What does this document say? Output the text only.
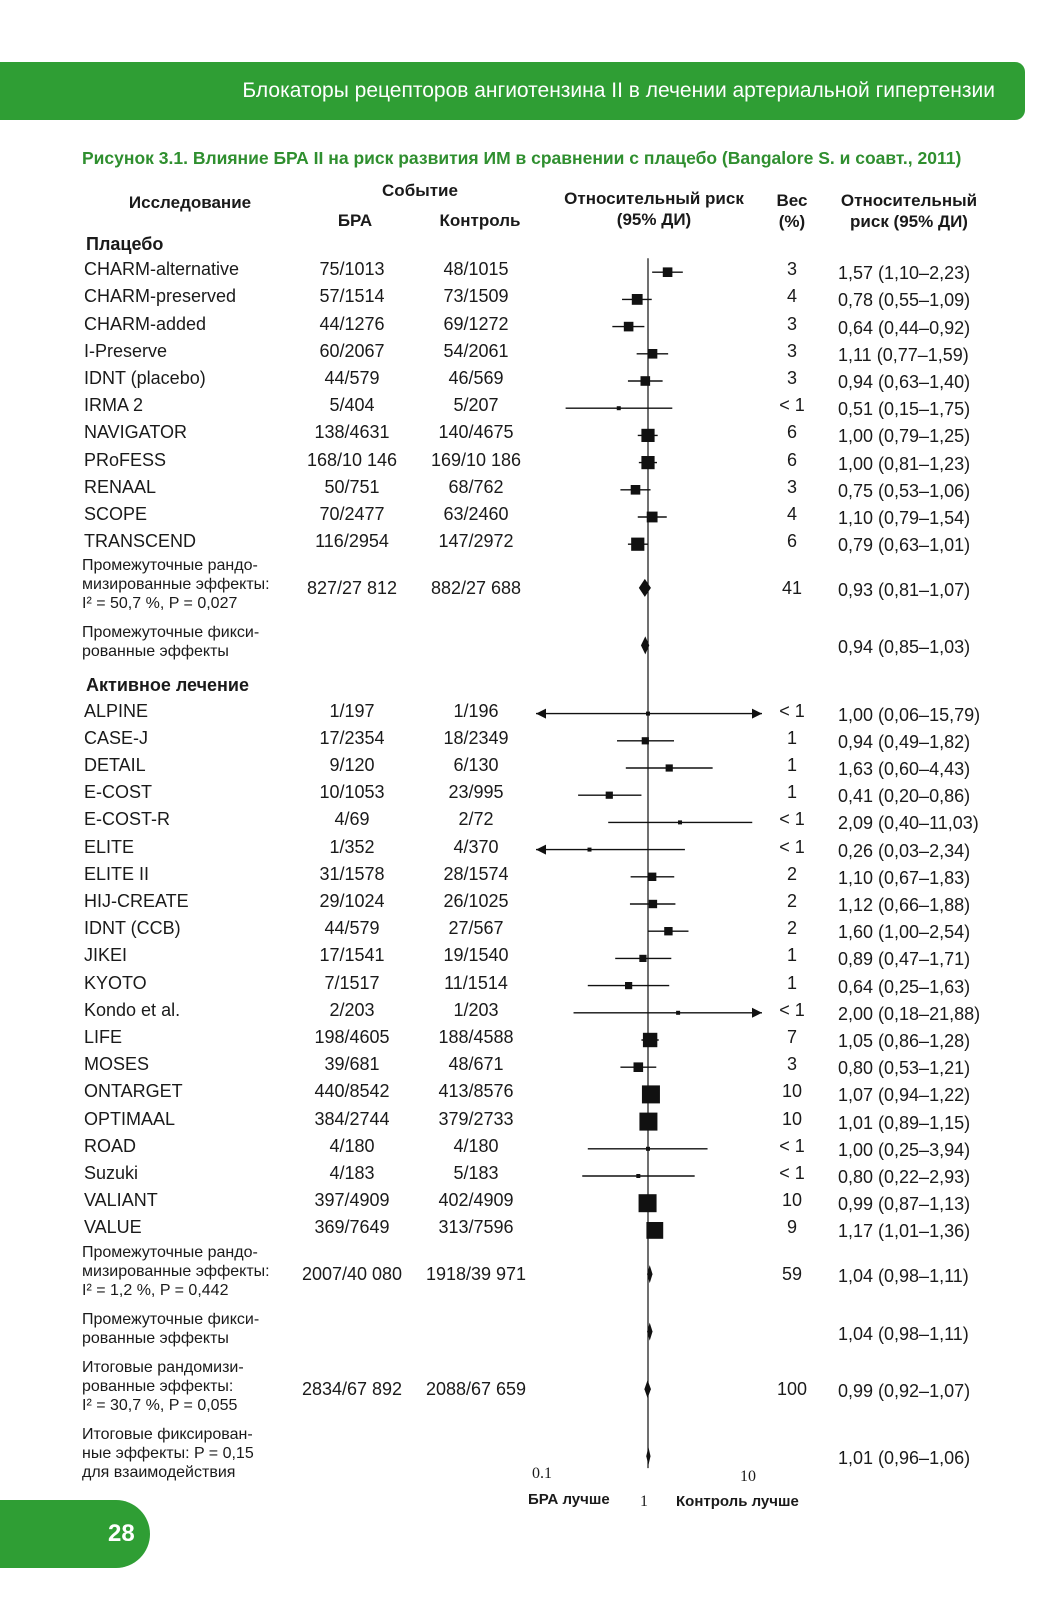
Блокаторы рецепторов ангиотензина II в лечении артериальной гипертензии
Рисунок 3.1. Влияние БРА II на риск развития ИМ в сравнении с плацебо (Bangalore S. и соавт., 2011)
Исследование
Событие
БРА	Контроль
Относительный риск
(95% ДИ)
Вес
(%)
Относительный
риск (95% ДИ)
Плацебо
CHARM-alternative	75/1013	48/1015	3	1,57 (1,10–2,23)
CHARM-preserved	57/1514	73/1509	4	0,78 (0,55–1,09)
CHARM-added	44/1276	69/1272	3	0,64 (0,44–0,92)
I-Preserve	60/2067	54/2061	3	1,11 (0,77–1,59)
IDNT (placebo)	44/579	46/569	3	0,94 (0,63–1,40)
IRMA 2	5/404	5/207	< 1	0,51 (0,15–1,75)
NAVIGATOR	138/4631	140/4675	6	1,00 (0,79–1,25)
PRoFESS	168/10 146	169/10 186	6	1,00 (0,81–1,23)
RENAAL	50/751	68/762	3	0,75 (0,53–1,06)
SCOPE	70/2477	63/2460	4	1,10 (0,79–1,54)
TRANSCEND	116/2954	147/2972	6	0,79 (0,63–1,01)
Промежуточные рандо-
мизированные эффекты:
I² = 50,7 %, P = 0,027
827/27 812	882/27 688	41	0,93 (0,81–1,07)
Промежуточные фикси-
рованные эффекты	0,94 (0,85–1,03)
Активное лечение
ALPINE	1/197	1/196	< 1	1,00 (0,06–15,79)
CASE-J	17/2354	18/2349	1	0,94 (0,49–1,82)
DETAIL	9/120	6/130	1	1,63 (0,60–4,43)
E-COST	10/1053	23/995	1	0,41 (0,20–0,86)
E-COST-R	4/69	2/72	< 1	2,09 (0,40–11,03)
ELITE	1/352	4/370	< 1	0,26 (0,03–2,34)
ELITE II	31/1578	28/1574	2	1,10 (0,67–1,83)
HIJ-CREATE	29/1024	26/1025	2	1,12 (0,66–1,88)
IDNT (CCB)	44/579	27/567	2	1,60 (1,00–2,54)
JIKEI	17/1541	19/1540	1	0,89 (0,47–1,71)
KYOTO	7/1517	11/1514	1	0,64 (0,25–1,63)
Kondo et al.	2/203	1/203	< 1	2,00 (0,18–21,88)
LIFE	198/4605	188/4588	7	1,05 (0,86–1,28)
MOSES	39/681	48/671	3	0,80 (0,53–1,21)
ONTARGET	440/8542	413/8576	10	1,07 (0,94–1,22)
OPTIMAAL	384/2744	379/2733	10	1,01 (0,89–1,15)
ROAD	4/180	4/180	< 1	1,00 (0,25–3,94)
Suzuki	4/183	5/183	< 1	0,80 (0,22–2,93)
VALIANT	397/4909	402/4909	10	0,99 (0,87–1,13)
VALUE	369/7649	313/7596	9	1,17 (1,01–1,36)
Промежуточные рандо-
мизированные эффекты:
I² = 1,2 %, P = 0,442
2007/40 080	1918/39 971	59	1,04 (0,98–1,11)
Промежуточные фикси-
рованные эффекты	1,04 (0,98–1,11)
Итоговые рандомизи-
рованные эффекты:
I² = 30,7 %, P = 0,055
2834/67 892	2088/67 659	100	0,99 (0,92–1,07)
Итоговые фиксирован-
ные эффекты: P = 0,15
для взаимодействия
1,01 (0,96–1,06)
0.1
1
10
БРА лучше	Контроль лучше
28
